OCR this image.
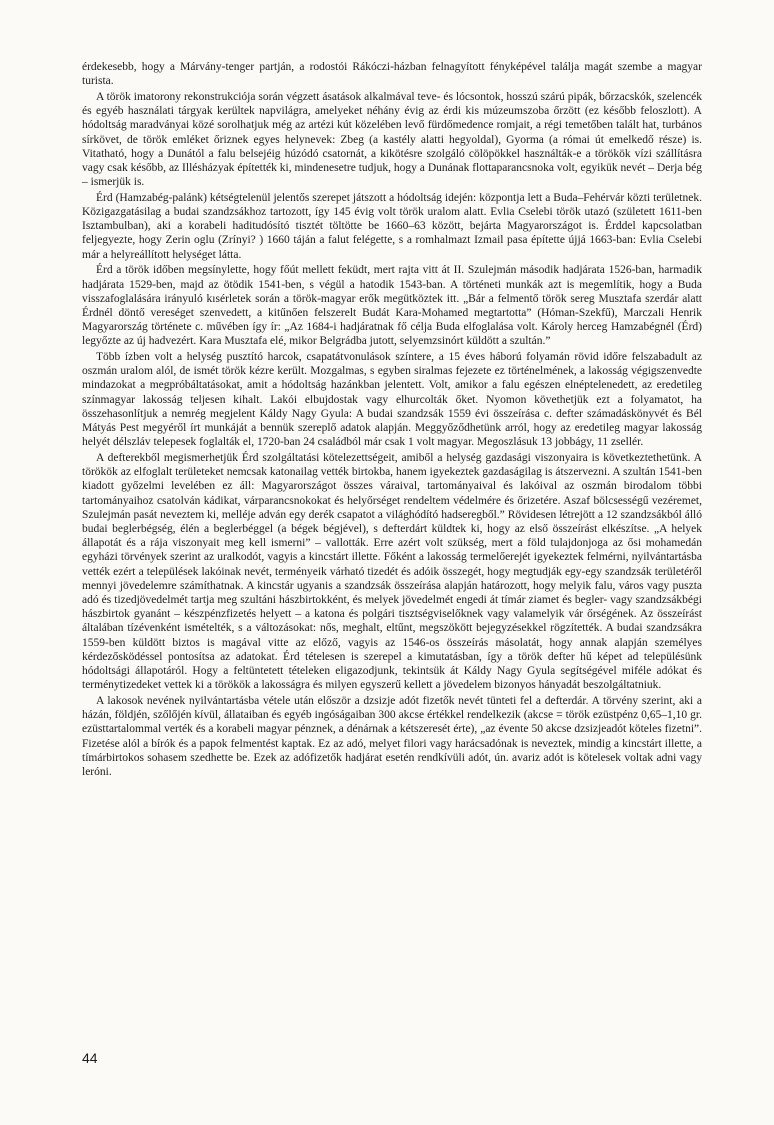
érdekesebb, hogy a Márvány-tenger partján, a rodostói Rákóczi-házban felnagyított fényképével találja magát szembe a magyar turista.

A török imatorony rekonstrukciója során végzett ásatások alkalmával teve- és lócsontok, hosszú szárú pipák, bőrzacskók, szelencék és egyéb használati tárgyak kerültek napvilágra, amelyeket néhány évig az érdi kis múzeumszoba őrzött (ez később feloszlott). A hódoltság maradványai közé sorolhatjuk még az artézi kút közelében levő fürdőmedence romjait, a régi temetőben talált hat, turbános sírkövet, de török emléket őriznek egyes helynevek: Zbeg (a kastély alatti hegyoldal), Gyorma (a római út emelkedő része) is. Vitatható, hogy a Dunától a falu belsejéig húzódó csatornát, a kikötésre szolgáló cölöpökkel használták-e a törökök vízi szállításra vagy csak később, az Illésházyak építették ki, mindenesetre tudjuk, hogy a Dunának flottaparancsnoka volt, egyikük nevét – Derja bég – ismerjük is.

Érd (Hamzabég-palánk) kétségtelenül jelentős szerepet játszott a hódoltság idején: központja lett a Buda–Fehérvár közti területnek. Közigazgatásilag a budai szandzsákhoz tartozott, így 145 évig volt török uralom alatt. Evlia Cselebi török utazó (született 1611-ben Isztambulban), aki a korabeli haditudósító tisztét töltötte be 1660–63 között, bejárta Magyarországot is. Érddel kapcsolatban feljegyezte, hogy Zerin oglu (Zrínyi? ) 1660 táján a falut felégette, s a romhalmazt Izmail pasa építette újjá 1663-ban: Evlia Cselebi már a helyreállított helységet látta.

Érd a török időben megsínylette, hogy főút mellett feküdt, mert rajta vitt át II. Szulejmán második hadjárata 1526-ban, harmadik hadjárata 1529-ben, majd az ötödik 1541-ben, s végül a hatodik 1543-ban. A történeti munkák azt is megemlítik, hogy a Buda visszafoglalására irányuló kısérletek során a török-magyar erők megütköztek itt. „Bár a felmentő török sereg Musztafa szerdár alatt Érdnél döntő vereséget szenvedett, a kitűnően felszerelt Budát Kara-Mohamed megtartotta” (Hóman-Szekfű), Marczali Henrik Magyarország története c. művében így ír: „Az 1684-i hadjáratnak fő célja Buda elfoglalása volt. Károly herceg Hamzabégnél (Érd) legyőzte az új hadvezért. Kara Musztafa elé, mikor Belgrádba jutott, selyemzsinórt küldött a szultán.”

Több ízben volt a helység pusztító harcok, csapatátvonulások színtere, a 15 éves háború folyamán rövid időre felszabadult az oszmán uralom alól, de ismét török kézre került. Mozgalmas, s egyben siralmas fejezete ez történelmének, a lakosság végigszenvedte mindazokat a megpróbáltatásokat, amit a hódoltság hazánkban jelentett. Volt, amikor a falu egészen elnéptelenedett, az eredetileg színmagyar lakosság teljesen kihalt. Lakói elbujdostak vagy elhurcolták őket. Nyomon követhetjük ezt a folyamatot, ha összehasonlítjuk a nemrég megjelent Káldy Nagy Gyula: A budai szandzsák 1559 évi összeírása c. defter számadáskönyvét és Bél Mátyás Pest megyéről írt munkáját a bennük szereplő adatok alapján. Meggyőződhetünk arról, hogy az eredetileg magyar lakosság helyét délszláv telepesek foglalták el, 1720-ban 24 családból már csak 1 volt magyar. Megoszlásuk 13 jobbágy, 11 zsellér.

A defterekből megismerhetjük Érd szolgáltatási kötelezettségeit, amiből a helység gazdasági viszonyaira is következtethetünk. A törökök az elfoglalt területeket nemcsak katonailag vették birtokba, hanem igyekeztek gazdaságilag is átszervezni. A szultán 1541-ben kiadott győzelmi levelében ez áll: Magyarországot összes váraival, tartományaival és lakóival az oszmán birodalom többi tartományaihoz csatolván kádikat, várparancsnokokat és helyőrséget rendeltem védelmére és őrizetére. Aszaf bölcsességű vezéremet, Szulejmán pasát neveztem ki, melléje adván egy derék csapatot a világhódító hadseregből.” Rövidesen létrejött a 12 szandzsákból álló budai beglerbégség, élén a beglerbéggel (a bégek bégjével), s defterdárt küldtek ki, hogy az első összeírást elkészítse. „A helyek állapotát és a rája viszonyait meg kell ismerni” – vallották. Erre azért volt szükség, mert a föld tulajdonjoga az ősi mohamedán egyházi törvények szerint az uralkodót, vagyis a kincstárt illette. Főként a lakosság termelőerejét igyekeztek felmérni, nyilvántartásba vették ezért a települések lakóinak nevét, terményeik várható tizedét és adóik összegét, hogy megtudják egy-egy szandzsák területéről mennyi jövedelemre számíthatnak. A kincstár ugyanis a szandzsák összeírása alapján határozott, hogy melyik falu, város vagy puszta adó és tizedjövedelmét tartja meg szultáni hászbirtokként, és melyek jövedelmét engedi át tímár ziamet és begler- vagy szandzsákbégi hászbirtok gyanánt – készpénzfizetés helyett – a katona és polgári tisztségviselőknek vagy valamelyik vár őrségének. Az összeírást általában tízévenként ismételték, s a változásokat: nős, meghalt, eltűnt, megszökött bejegyzésekkel rögzítették. A budai szandzsákra 1559-ben küldött biztos is magával vitte az előző, vagyis az 1546-os összeírás másolatát, hogy annak alapján személyes kérdezősködéssel pontosítsa az adatokat. Érd tételesen is szerepel a kimutatásban, így a török defter hű képet ad településünk hódoltsági állapotáról. Hogy a feltüntetett tételeken eligazodjunk, tekintsük át Káldy Nagy Gyula segítségével miféle adókat és terménytizedeket vettek ki a törökök a lakosságra és milyen egyszerű kellett a jövedelem bizonyos hányadát beszolgáltatniuk.

A lakosok nevének nyilvántartásba vétele után először a dzsizje adót fizetők nevét tünteti fel a defterdár. A törvény szerint, aki a házán, földjén, szőlőjén kívül, állataiban és egyéb ingóságaiban 300 akcse értékkel rendelkezik (akcse = török ezüstpénz 0,65–1,10 gr. ezüsttartalommal verték és a korabeli magyar pénznek, a dénárnak a kétszeresét érte), „az évente 50 akcse dzsizjeadót köteles fizetni”. Fizetése alól a bírók és a papok felmentést kaptak. Ez az adó, melyet filori vagy harácsadónak is neveztek, mindig a kincstárt illette, a tímárbirtokos sohasem szedhette be. Ezek az adófizetők hadjárat esetén rendkívüli adót, ún. avariz adót is kötelesek voltak adni vagy leróni.

44
